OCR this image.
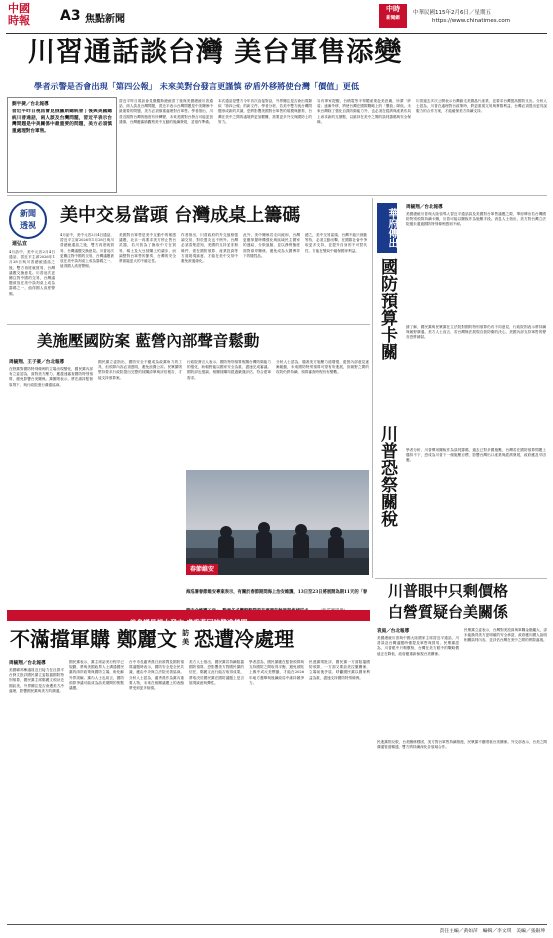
中國
時報	A3 焦點新聞
中時
新聞網
中華民國115年2月6日／星期五
https://www.chinatimes.com
川習通話談台灣 美台軍售添變
學者示警是否會出現「第四公報」 未來美對台發言更謹慎 矽盾外移將使台灣「價值」更低
劉宇捷／台北報導
習近平昨日視訊會見俄羅斯總統普丁後與美國總統川普通話，兩人談及台灣問題，習近平表示台灣問題是中美關係中最重要的問題，美方必須慎重處理對台軍售。
習近平昨日視訊會見俄羅斯總統普丁後與美國總統川普通話，兩人談及台灣問題，習近平表示台灣問題是中美關係中最重要的問題，美方必須慎重處理對台軍售。學者指出，川普近期對台灣的態度有所轉變，未來美國對台發言可能更加謹慎，台灣應審慎觀察美中互動的後續發展，並預作準備。
本次通話是雙方今年首次直接對話，外界關注是否會出現類似「第四公報」的新文件。學者分析，若美中雙方就台灣問題形成新的共識，恐將影響美國對台軍售的規模與節奏，台灣在美中之間的處境將更加艱難，需要更多外交與國防上的努力。
另有專家提醒，台積電等半導體產業赴美設廠，所謂「矽盾」逐漸外移，將使台灣在國際戰略上的「價值」降低。未來台灣除了強化自我防衛能力外，也必須在經濟與產業布局上尋求新的支撐點，以維持在美中之間的談判籌碼與安全保障。
川普過去多次公開表示台灣偷走美國晶片產業，並要求台灣提高國防支出。分析人士認為，川普在處理對台政策時，將更重視交易與實際利益，台灣必須提出更具說服力的合作方案，才能確保美方持續支持。
新聞
透視
連弘宜
美中交易當頭 台灣成桌上籌碼
4月訪中，美中元首2月4日通話，習近平主席2026年1月28日與川普總統通話之後，雙方再度就貿易、台灣議題交換意見。川普這次更關注對中國的交易，台灣議題被放在美中談判桌上成為籌碼之一，值得國人高度警惕。
美國對台軍售是美中互動中的敏感議題，北京一再要求美方停止售台武器，若川普為了換取中方在貿易、稀土及大豆採購上的讓步，而調整對台軍售的節奏，台灣的安全將面臨更大的不確定性。
作者指出，川普政府的外交風格強調交易，對於盟友也不例外。台灣必須清楚認知，美國的支持並非無條件，需在國防預算、產業投資等方面展現誠意，才能在美中交易中避免被邊緣化。
此外，美中關係若走向緩和，台灣更應掌握時機強化與區域民主國家的連結，分散風險，並以務實態度面對兩岸關係，避免成為大國博弈下的犧牲品。
總之，美中交易當頭，台灣不能只被動等待，必須主動出擊，在國際社會中爭取更多支持，並提升自身的不可替代性，方能在變局中確保國家利益。
4月訪中，美中元首2月4日通話，習近平主席2026年1月28日與川普總統通話之後，雙方再度就貿易、台灣議題交換意見。川普這次更關注對中國的交易，台灣議題被放在美中談判桌上成為籌碼之一，值得國人高度警惕。
華府傳出
國防預算卡關
川普恐祭關稅
周毓翔／台北報導
美國總統川普與大陸領導人習近平通話談及美國對台軍售議題之際，華府傳出若台灣國防特別預算持續卡關，川普可能以關稅作為施壓手段。消息人士指出，美方對台灣立法院遲未通過國防特別條例感到不耐。
據了解，國民黨與民眾黨在立法院對國防特別預算仍有不同意見，行政院則表示將持續與朝野溝通。美方人士直言，若台灣無法展現自我防衛的決心，美國內部支持軍售的聲音恐將減弱。
學者分析，川普慣用關稅作為談判籌碼，過去已對多國施壓，台灣若在國防預算問題上僵持不下，恐成為川普下一個施壓目標，影響台灣出口產業與經濟發展，政府應及早因應。
美施壓國防案 藍營內部聲音鬆動
周毓翔、王子豪／台北報導
在野黨對國防特別條例的立場出現變化，國民黨內部有立委認為，面對美方壓力，應盡速審查國防特別預算，避免影響台美關係。黨團則表示，將在維持監督原則下，與行政院進行溝通協商。
國民黨立委指出，國防安全不應成為政黨角力的工具，但預算內容必須透明，避免浪費公帑。民眾黨則堅持要求行政院提出完整的採購清單與評估報告，才能支持預算案。
行政院發言人表示，國防特別預算攸關台灣防衛能力的強化，盼朝野能以國家安全為重，盡速完成審議。國防部也強調，相關採購均經過嚴謹評估，符合建軍需求。
分析人士認為，隨著美方施壓力道增強，藍營內部意見逐漸鬆動，未來國防特別預算可望有所進展，但朝野之間的攻防仍將持續，預算審查時程仍有變數。
春節維安
海巡署春節維安專案表示，有關於春節期間海上治安維護，13日至23日將展開為期11天的「春 川普眼中只剩價格
白營質疑台美關係
袁庭／台北報導
美國總統川普與中國大陸國家主席習近平通話，川普談及台灣議題時僅提及軍售與貿易，民眾黨認為，川普眼中只剩價格，台灣在美方眼中的戰略價值正在降低，政府應重新檢視台美關係。
民眾黨立委表示，台灣對美投資與軍購金額龐大，卻未能換得美方更明確的安全承諾，政府應向國人說明相關談判內容，並評估台灣在美中之間的實際處境。
民進黨則反駁，台美關係穩固，美方對台軍售持續推進，民眾黨不應唱衰台美關係。外交部表示，台美之間溝通管道暢通，雙方將持續深化各領域合作。
美參議員接力發文 盧秀燕回時難逃捲問
不滿擋軍購 鄭麗文 訪
美 恐遭冷處理
周毓翔／台北報導
美國聯邦參議員近日接力在社群平台發文批評國民黨立委阻擋國防特別預算，國民黨主席鄭麗文預計近期訪美，外界關注是否會遭美方冷處理，影響國民黨與美方的溝通。
國民黨表示，黨主席訪美行程早已規劃，將與美國政界人士溝通國民黨的兩岸政策與國防立場，盼化解外界誤解。黨內人士也坦言，國防預算爭議可能成為訪美期間的焦點議題。
台中市長盧秀燕日前被問及國防預算議題時表示，國防安全是全民共識，應由中央與立法院妥善協商。分析人士認為，盧秀燕作為黨內重要人物，未來在相關議題上的表態將受到更多檢視。
美方人士指出，國民黨若持續阻擋國防預算，恐影響美方對國民黨的信任，鄭麗文此行能否取得成果，將取決於國民黨在國防議題上是否展現誠意與彈性。
學者認為，國民黨應在監督預算與支持國防之間取得平衡，避免被貼上親中或反美標籤，才能在2026年地方選舉與後續政局中維持競爭力。
民進黨則批評，國民黨一方面阻擋國防預算，一方面又要訪美拉攏關係，立場前後矛盾，呼籲國民黨以國家利益為重，盡速支持國防特別條例。
責任主編／黃如萍　編輯／李文琪　美編／張銀坤
